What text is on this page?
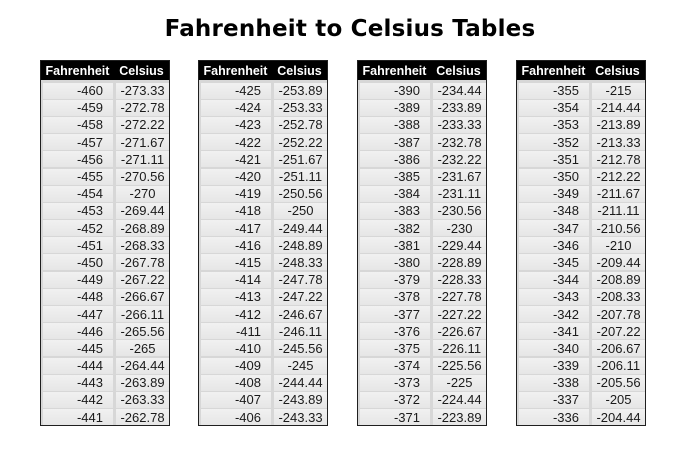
Fahrenheit to Celsius Tables
Fahrenheit Celsius
-460	-273.33
-459	-272.78
-458	-272.22
-457	-271.67
-456	-271.11
-455	-270.56
-454	-270
-453	-269.44
-452	-268.89
-451	-268.33
-450	-267.78
-449	-267.22
-448	-266.67
-447	-266.11
-446	-265.56
-445	-265
-444	-264.44
-443	-263.89
-442	-263.33
-441	-262.78
Fahrenheit Celsius
-425	-253.89
-424	-253.33
-423	-252.78
-422	-252.22
-421	-251.67
-420	-251.11
-419	-250.56
-418	-250
-417	-249.44
-416	-248.89
-415	-248.33
-414	-247.78
-413	-247.22
-412	-246.67
-411	-246.11
-410	-245.56
-409	-245
-408	-244.44
-407	-243.89
-406	-243.33
Fahrenheit Celsius
-390	-234.44
-389	-233.89
-388	-233.33
-387	-232.78
-386	-232.22
-385	-231.67
-384	-231.11
-383	-230.56
-382	-230
-381	-229.44
-380	-228.89
-379	-228.33
-378	-227.78
-377	-227.22
-376	-226.67
-375	-226.11
-374	-225.56
-373	-225
-372	-224.44
-371	-223.89
Fahrenheit Celsius
-355	-215
-354	-214.44
-353	-213.89
-352	-213.33
-351	-212.78
-350	-212.22
-349	-211.67
-348	-211.11
-347	-210.56
-346	-210
-345	-209.44
-344	-208.89
-343	-208.33
-342	-207.78
-341	-207.22
-340	-206.67
-339	-206.11
-338	-205.56
-337	-205
-336	-204.44
